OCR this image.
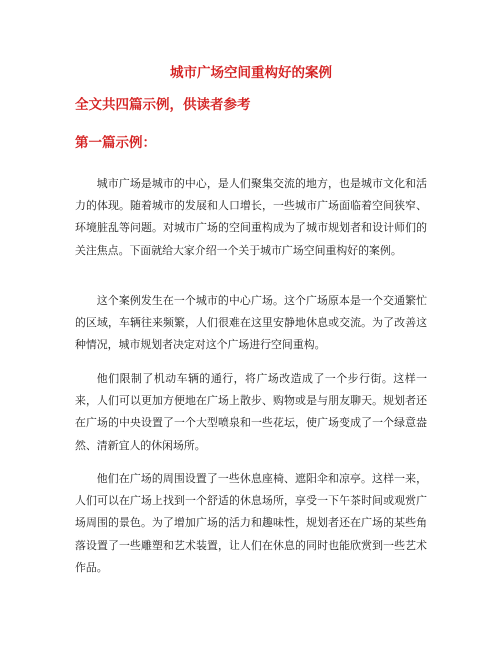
城市广场空间重构好的案例
全文共四篇示例，供读者参考
第一篇示例：

城市广场是城市的中心，是人们聚集交流的地方，也是城市文化和活力的体现。随着城市的发展和人口增长，一些城市广场面临着空间狭窄、环境脏乱等问题。对城市广场的空间重构成为了城市规划者和设计师们的关注焦点。下面就给大家介绍一个关于城市广场空间重构好的案例。

这个案例发生在一个城市的中心广场。这个广场原本是一个交通繁忙的区域，车辆往来频繁，人们很难在这里安静地休息或交流。为了改善这种情况，城市规划者决定对这个广场进行空间重构。

他们限制了机动车辆的通行，将广场改造成了一个步行街。这样一来，人们可以更加方便地在广场上散步、购物或是与朋友聊天。规划者还在广场的中央设置了一个大型喷泉和一些花坛，使广场变成了一个绿意盎然、清新宜人的休闲场所。

他们在广场的周围设置了一些休息座椅、遮阳伞和凉亭。这样一来，人们可以在广场上找到一个舒适的休息场所，享受一下午茶时间或观赏广场周围的景色。为了增加广场的活力和趣味性，规划者还在广场的某些角落设置了一些雕塑和艺术装置，让人们在休息的同时也能欣赏到一些艺术作品。
